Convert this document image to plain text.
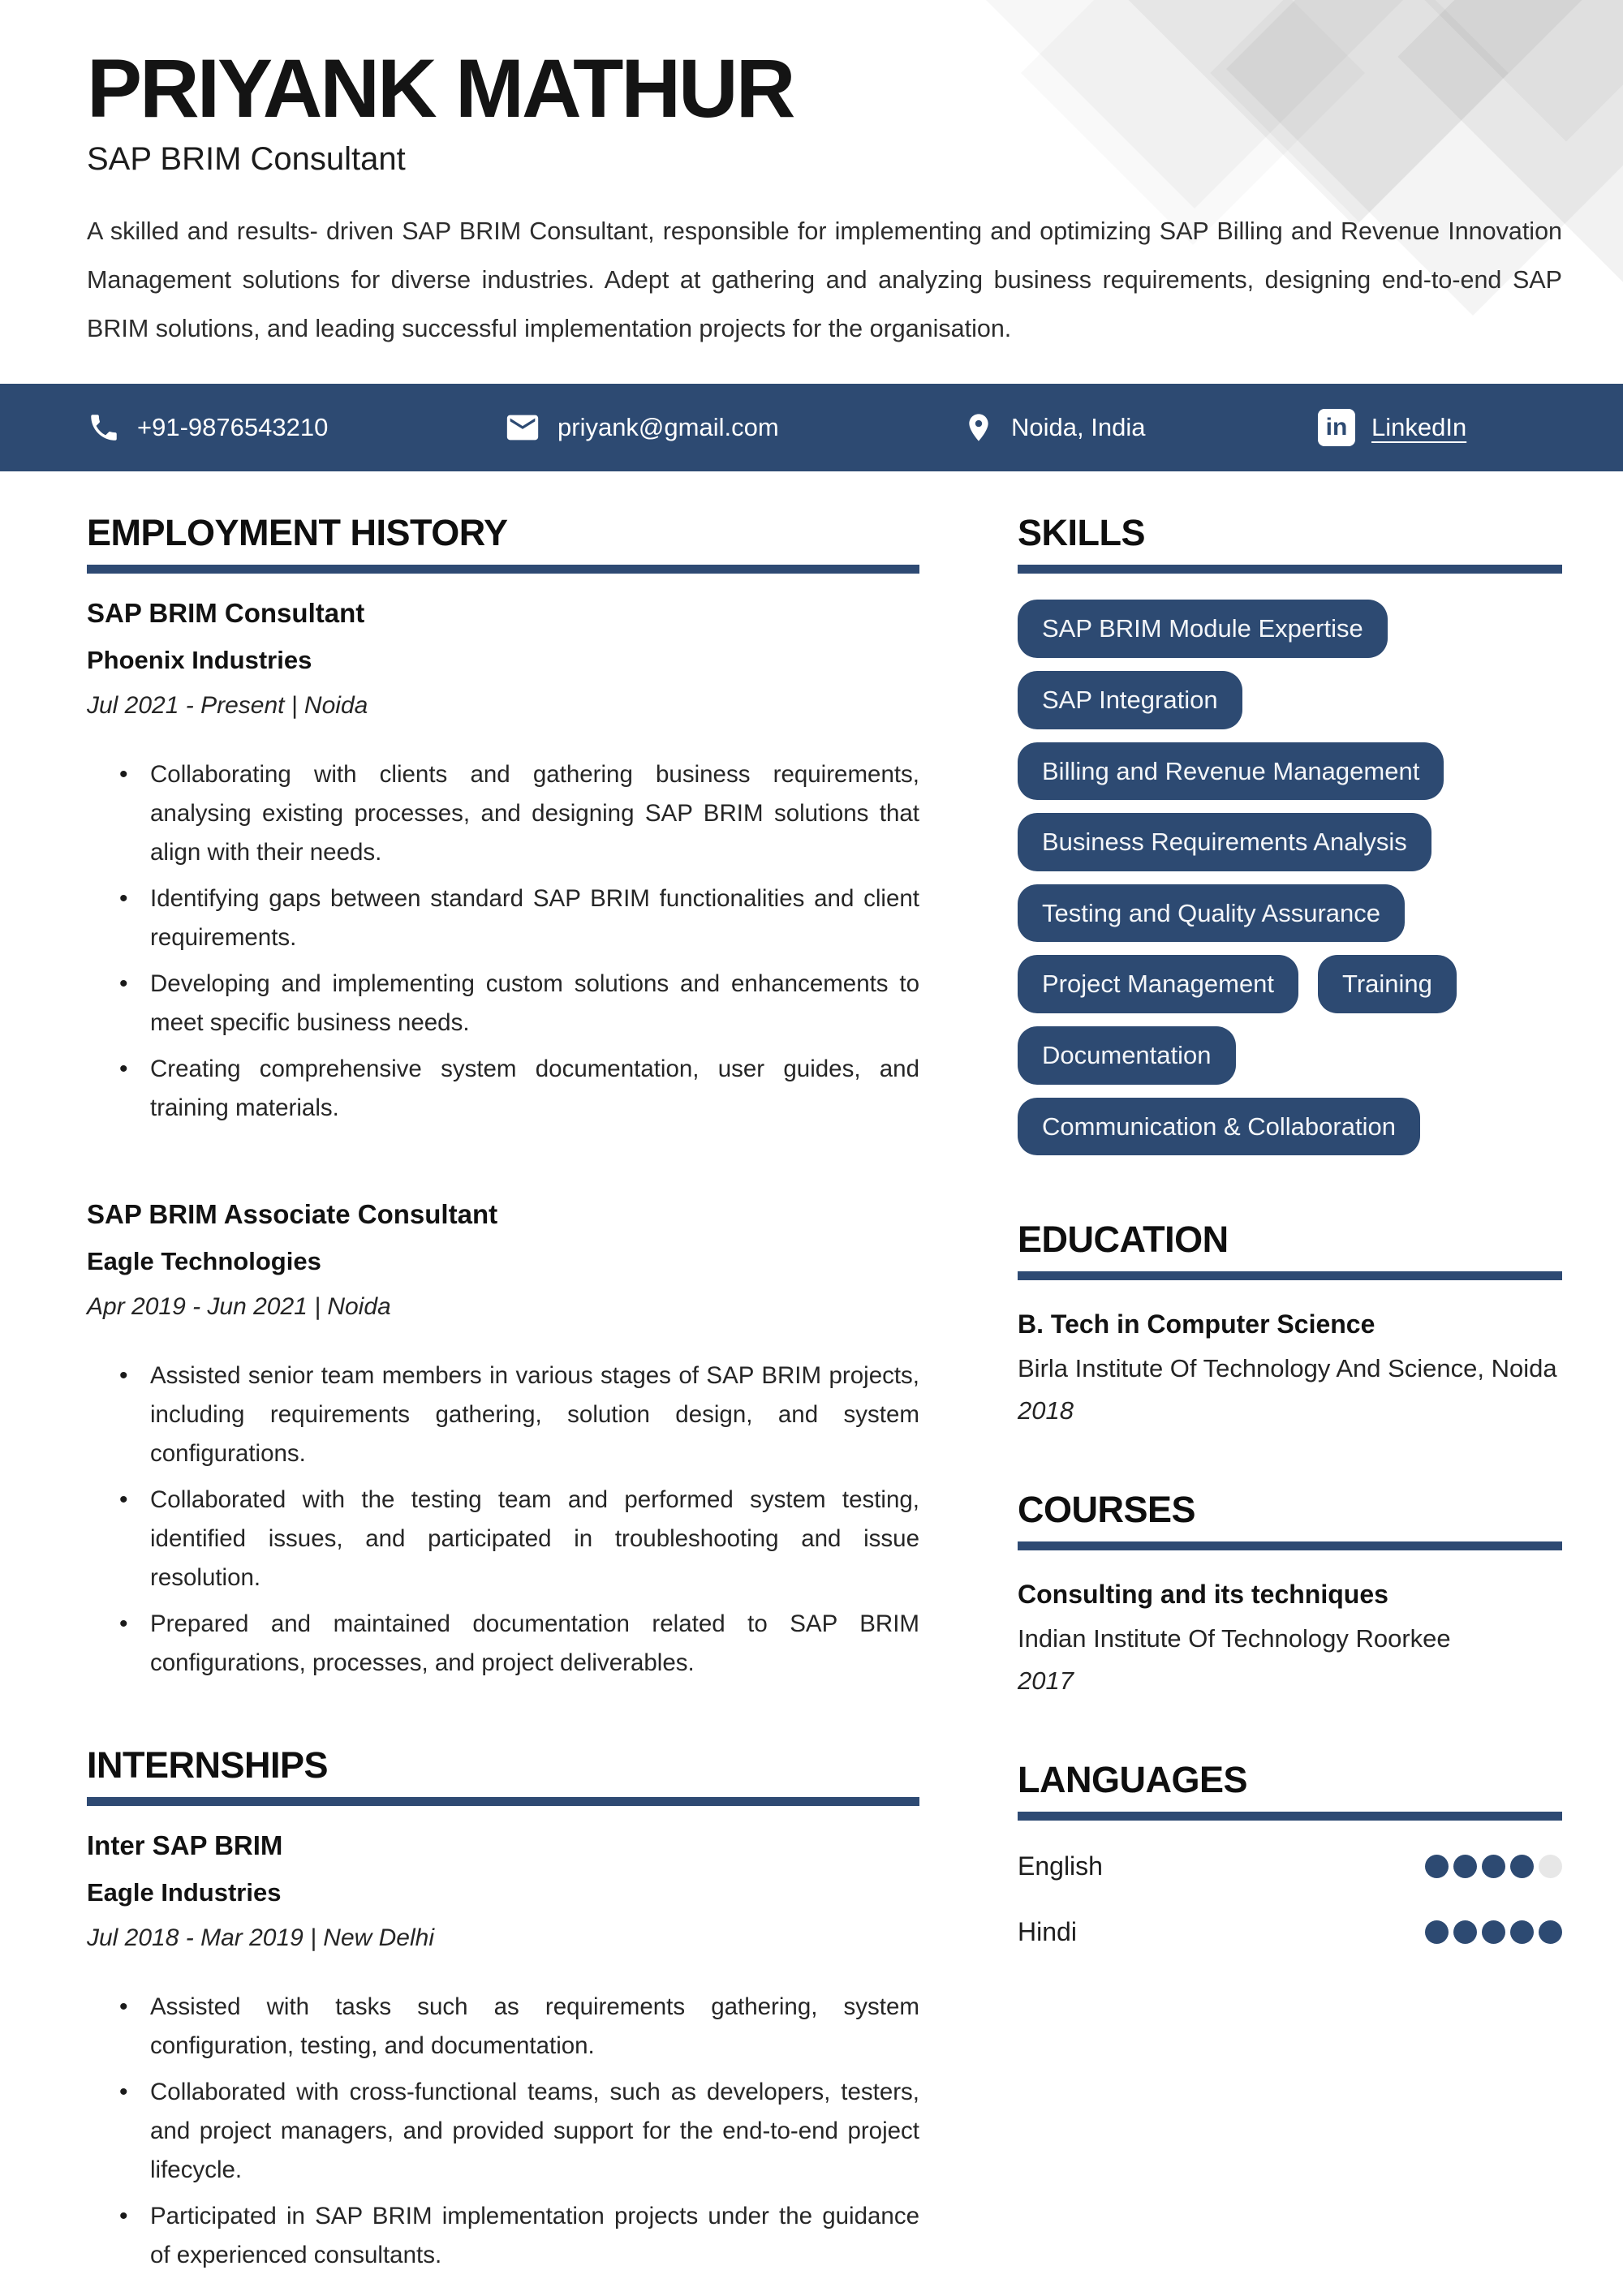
PRIYANK MATHUR
SAP BRIM Consultant

A skilled and results- driven SAP BRIM Consultant, responsible for implementing and optimizing SAP Billing and Revenue Innovation Management solutions for diverse industries. Adept at gathering and analyzing business requirements, designing end-to-end SAP BRIM solutions, and leading successful implementation projects for the organisation.

+91-9876543210	priyank@gmail.com	Noida, India	in LinkedIn
EMPLOYMENT HISTORY
SAP BRIM Consultant
Phoenix Industries
Jul 2021 - Present | Noida
• Collaborating with clients and gathering business requirements, analysing existing processes, and designing SAP BRIM solutions that align with their needs.
• Identifying gaps between standard SAP BRIM functionalities and client requirements.
• Developing and implementing custom solutions and enhancements to meet specific business needs.
• Creating comprehensive system documentation, user guides, and training materials.
SAP BRIM Associate Consultant
Eagle Technologies
Apr 2019 - Jun 2021 | Noida
• Assisted senior team members in various stages of SAP BRIM projects, including requirements gathering, solution design, and system configurations.
• Collaborated with the testing team and performed system testing, identified issues, and participated in troubleshooting and issue resolution.
• Prepared and maintained documentation related to SAP BRIM configurations, processes, and project deliverables.
INTERNSHIPS
Inter SAP BRIM
Eagle Industries
Jul 2018 - Mar 2019 | New Delhi
• Assisted with tasks such as requirements gathering, system configuration, testing, and documentation.
• Collaborated with cross-functional teams, such as developers, testers, and project managers, and provided support for the end-to-end project lifecycle.
• Participated in SAP BRIM implementation projects under the guidance of experienced consultants.
SKILLS
SAP BRIM Module Expertise
SAP Integration
Billing and Revenue Management
Business Requirements Analysis
Testing and Quality Assurance
Project Management	Training
Documentation
Communication & Collaboration
EDUCATION
B. Tech in Computer Science
Birla Institute Of Technology And Science, Noida
2018
COURSES
Consulting and its techniques
Indian Institute Of Technology Roorkee
2017
LANGUAGES
English
Hindi
